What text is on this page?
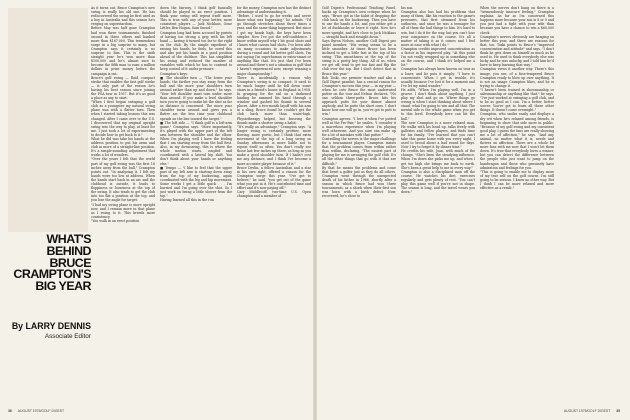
WHAT'S
BEHIND
BRUCE
CRAMPTON'S
BIG YEAR
By LARRY DENNIS
Associate Editor
As it turns out, Bruce Crampton's new swing is really his old one. He has rediscovered the swing he first used as a boy in Australia and this season he's verging on superstardom.
Before May was half gone Crampton had won three tournaments, finished second in three others and banked more than $167,000. This tremendous surge in a big surprise to many, but Crampton says it certainly is no surprise to him. This is the sixth straight year he's won more than $100,000 and he's almost sure to become the fifth man to earn a million dollars in prize money before the campaign is out.
Bruce's golf swing — fluid, compact stroke that enables the fast golf stroke — is only part of the reason he's having his best season since joining the PGA tour in 1957. But it's as good a place as any to start.
"When I first began swinging a golf club as a youngster my natural swing plane was with a flatter turn. Then when I started taking lessons this was changed. After I came over to the U.S. I discovered that my original upright swing was the way to play, at least for me. I just took a lot of experimenting to decide how to get back to it."
What he did was take his hands at the address position to put his arms and club in more of a straight-line position. It's a simple-sounding adjustment that works a lot of wonders.
"Over the years I felt that the world part of my golf swing was the first 18 inches away from the ball," Crampton points out. "In analyzing it, I felt my hands were too low at address. When the hands start back in an arc and the clubhead is outside, it leads to floppiness or looseness at the top of the swing. It also tends to get the club into too flat a position at the top, and you lose the angle for target.
"I had my swing plane is more upright now, and I remain more in that plane as I swing to it. This breeds more consistency.
"You walk in an erect position
down the fairway, I think golf basically should be played in an erect position. I think your swing will repeat itself more. This is true with any of your better, more consistent players — Jack Nicklaus, Gene Littler, Ben Hogan, Sam Snead."
Crampton long had been accused by purists of having too strong a grip with his left hand — having it turned too far to the right on the club. By the simple expedient of raising his hands, he feels, he cured this and also put his hands in a good position ahead of the clubface. This has simplified his swing and reduced the number of variables with which he has to contend to keep control of it under pressure.
Crampton's keys:
■ The shoulder turn — "The lower your hands, the farther you stay away from the ball and the more your shoulders turn around rather than up and down," he says. "Your left shoulder must turn under more than around. If you make a level shoulder turn you're going to make hit the shot as far as distance is concerned. The more your shoulder turns around and gives you a flatter arc the less time your clubhead spends on the line toward the target."
■ The left side — "I think golf is a left-arm game," Crampton says. "More importantly, it's played with the upper part of the left arm between the shoulder and the elbow. When I'm playing well I have the feeling that I am starting away from the ball first. Also, in my downswing, this is where the whole motion starts, coupled and coordinated with a lateral hip shift. You don't think about your hands or anything else."
■ Tempo — "I like to feel that the upper part of my left arm is starting down away from the top of my backswing, again coordinated with the leg and hip movement. Some weeks I get a little quick . . . I'm hurried and I'm going over the shot. So I just work on being a little slower from the top."
Having learned all this in the run
for the money, Crampton now has the distinct advantage of understanding it.
"Before, I used to go for weeks and never know what was happening," he admits. "I'd go through stretches about three times a year, and the same thing happened. But since I got my hands high, the keys have been simpler. Now I've got the self-confidence. I know within myself why I hit good shots and I know what causes bad shots. I've been able on many occasions to make adjustments during a round and hit better golf shots. I'm not saying I'm superhuman or extra-smart or anything like that. It's just that I've been around and there's not a situation in golf that I haven't experienced now, except winning a major championship."
There is, incidentally, a reason why Crampton's swing is so compact. It used to be much longer until he fell down some stairs in a friend's house in England in 1958. In grasping for the rail on a darkened landing he rammed his hand through a window and gashed his thumb in several places. After a two-month layoff with his arm in a sling, Bruce found he couldn't get the club back more than waist-high. Physiotherapy helped, but favoring the thumb made a shorter swing a habit.
"It's really an advantage," Crampton says. "A longer swing is certainly prettier, more flowing, more poetic, but I think that extra movement at the top of a long swing on Sunday afternoons is more liable not to repeat itself so often. You don't really see those last few inches up there, as long as you make a good shoulder turn. If I hadn't cost me any distance, and I think I've become a more accurate player because of it."
Bruce Devlin, a fellow Australian and a star in his own right, offered a reason for the Crampton surge this year. "I've got to believe," he said, "you get out of the game what you put in it. He's contributed time and effort and it's now paying off."
Cary Middlecoff, two-time U.S. Open champion and a member of
Golf Digest's Professional Teaching Panel, backs up Crampton's own critique when he says, "Bruce got in the habit of dropping the club back on the backswing. Then you have to use the hands a lot, and you either get a lot of duckhooks or leave it right. Now he's more upright, and he's close to Jack Nicklaus — straight back and straight down."
Says Byron Nelson, another Golf Digest pro panel member, "His swing seems to be a little smoother. At times Bruce has been inclined to get a little fast at the top of his swing. This smoothness at the top of the swing is a pretty key thing. All of us, when we get off, tend to get too fast and flip the club over the top. But I don't detect that in Bruce this year."
Bob Toski, our premier teacher and also a Golf Digest panelist, has a crucial reason for Crampton's success this year — in my year — when he cuts Bruce the most underrated putter on the tour and Nelson declares, "No one seldom three-putts. Bruce hits his approach putts for your dinner almost anybody, and he putts the short ones. I don't know how one will go in, you've got to putt to win."
Crampton agrees. "I love it when I've putted well at the Pro-Fair," he smiles. "I consider it a marvelous experience when I'm playing well otherwise. And you sure can make up for a lot of mistakes with that putter."
Controlling the nerves is the major challenge for a tournament player. Crampton insists that the problem comes from within rather than within, declaring, "The easiest part of playing for me is arranging the golf club. It's all the other things that go with it that are difficult."
By that he means the problems and come that beset a golfer just as they do all others. Crampton went through the unexpected death of his father in 1966, shortly after a season in which Bruce had won three tournaments, as a shock when their first son was born with a birth defect. Now, recovered, he's close to
his son.
Crampton also has had his problems that many of them, like his reaction to the game's pressures, that first stemmed from his outbursts, and since he was a teenager for all of them the bad things to him. It's hard to win, but I do it for the way, but you can't lose your composure on the course. It's all a matter of taking it as it comes and I feel more at ease with what I do."
Crampton credits improved concentration as a factor in his improved play. "At this point I'm not really wrapped up in something else on the course, and I think it's helped me a lot."
Crampton has always been known on tour as a loner, and he puts it simply: "I have to concentrate. When I get in trouble, it's usually because I've lost it for a moment and I've let my mind wander."
He adds, "When I'm playing well, I'm in a groove. I don't think about anything. I just play my shot and go on. Where things go wrong is when I start thinking about where I stand, what I'm going to win and all that. The mental side is the whole game when you get to this level. Everybody here can hit the ball."
The new Crampton is a more relaxed man. He walks with his head up, talks freely with galleries and fellow players, and finds time for his family. "I've learned that you can't take this game home with you every night. I used to brood about a bad round for days. Now I try to forget it by dinner time."
He credits his wife, Joan, with much of the change. "She's been the steadying influence. When I'm down she picks me up, and when I get too high she brings me back to earth. She's been a great help to me in every way."
Crampton is also a disciplined man off the course. He watches his diet, exercises regularly and gets plenty of rest. "You can't play this game well if you're not in shape. The season is long, and the travel wears you down."
When the nerves don't hang on there is a "tremendously insecure feeling," Crampton explains. As far as I'm concerned this happens more because your son is 8 or 9 and you just had a fight with your wife than because you have a chance to win a $60,000 check.
Crampton's nerves obviously are hanging on better this year, and there are reasons for that, too. Toski points to Bruce's "improved concentration and attitude" and says, "I don't think he gets down on himself as much as he used to. He used to think everybody else was lucky and he was unlucky, and I told him he'd have to keep learning that way."
Crampton views it another way. There's this image, you see, of a fuse-tempered Bruce Crampton ready to blow up over anything. It is not an image Crampton likes, and he is trying to change it.
"I haven't been trained in showmanship or salesmanship or anything like that," he says. "I've just worked at swinging a golf club, and to be as good as I can. I'm a better, better scorer. You've got to learn all these other things. It doesn't come overnight."
Crampton, who smiles easily and displays a dry wit when he's relaxed among friends, is beginning to show that side more in public. "Because of my golf swing and my consistent good play, I guess the fans are really showing me a lot of affection," he says. "And any animal, no matter what it is, needs and thrives on affection. There are a whole lot more fans with me now that I won't let them down. It's true that everybody loves a winner, but you can detect the difference between the people who just want to jump on the bandwagon and those who genuinely have admiration and feelings for you.
"This is going to enable me to display more of my true self on the golf course. I'm still going to be serious. I know no other way. But I think I can be more relaxed and more effective as a result."
36 AUGUST 1975/GOLF DIGEST	AUGUST 1975/GOLF DIGEST 35
